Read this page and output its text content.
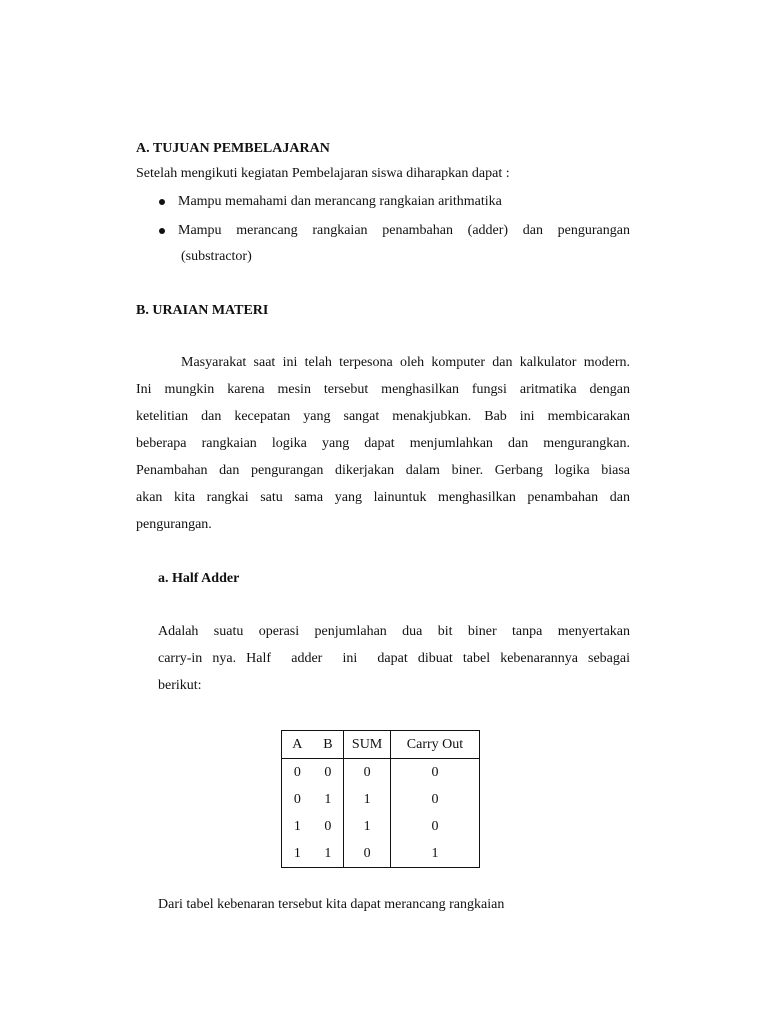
A. TUJUAN PEMBELAJARAN
Setelah mengikuti kegiatan Pembelajaran siswa diharapkan dapat :
Mampu memahami dan merancang rangkaian arithmatika
Mampu merancang rangkaian penambahan (adder) dan pengurangan
(substractor)
B. URAIAN MATERI
Masyarakat saat ini telah terpesona oleh komputer dan kalkulator modern.
Ini mungkin karena mesin tersebut menghasilkan fungsi aritmatika dengan
ketelitian dan kecepatan yang sangat menakjubkan. Bab ini membicarakan
beberapa rangkaian logika yang dapat menjumlahkan dan mengurangkan.
Penambahan dan pengurangan dikerjakan dalam biner. Gerbang logika biasa
akan kita rangkai satu sama yang lainuntuk menghasilkan penambahan dan
pengurangan.
a. Half Adder
Adalah suatu operasi penjumlahan dua bit biner tanpa menyertakan
carry-in nya. Half  adder  ini  dapat dibuat tabel kebenarannya sebagai
berikut:
A	B	SUM	Carry Out
0	0	0	0
0	1	1	0
1	0	1	0
1	1	0	1
Dari tabel kebenaran tersebut kita dapat merancang rangkaian
